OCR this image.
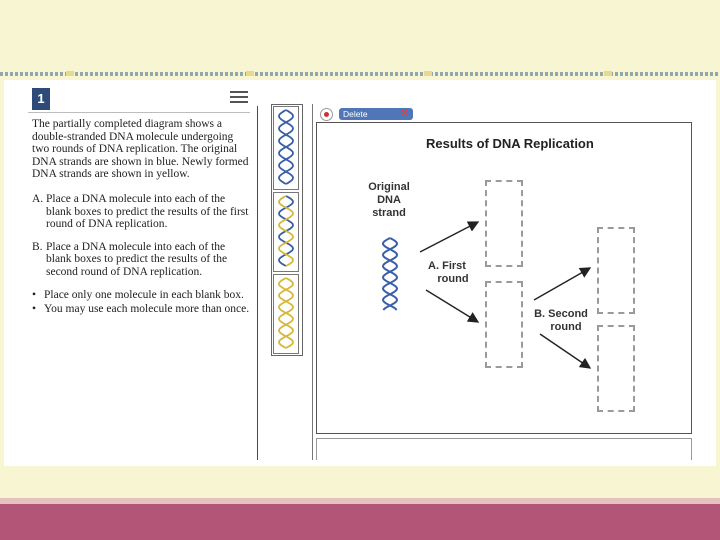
1

The partially completed diagram shows a double-stranded DNA molecule undergoing two rounds of DNA replication. The original DNA strands are shown in blue. Newly formed DNA strands are shown in yellow.

A. Place a DNA molecule into each of the blank boxes to predict the results of the first round of DNA replication.
B. Place a DNA molecule into each of the blank boxes to predict the results of the second round of DNA replication.
• Place only one molecule in each blank box.
• You may use each molecule more than once.
Delete	✕
Results of DNA Replication
Original
DNA
strand
A. First
round
B. Second
round
